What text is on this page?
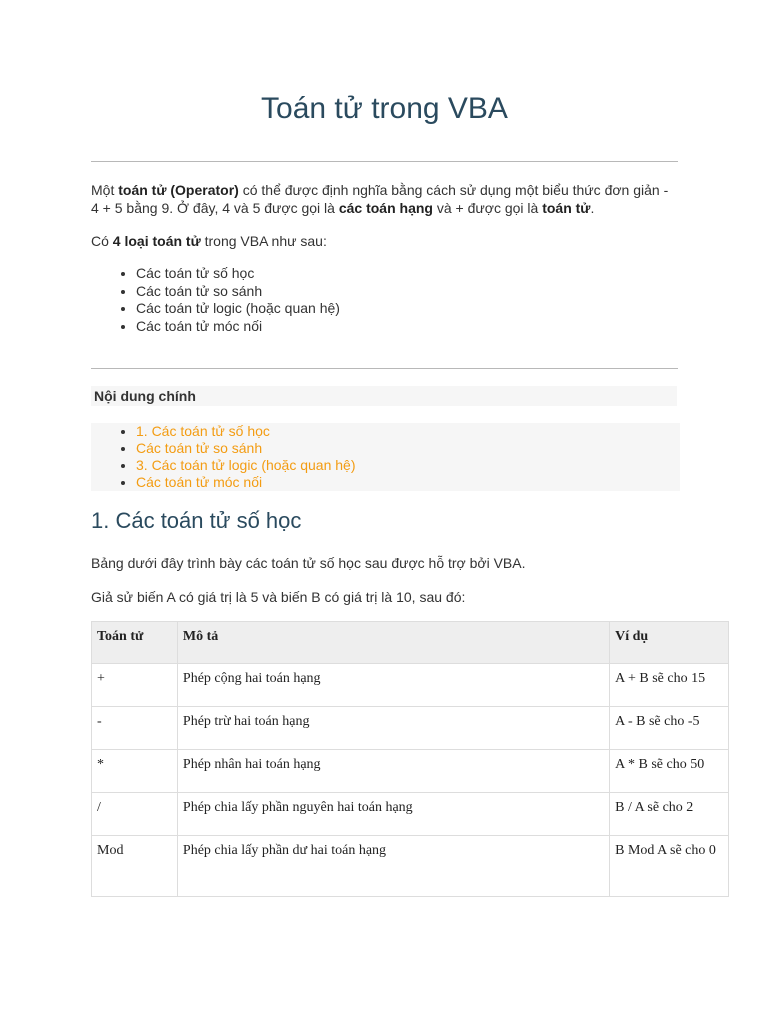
Toán tử trong VBA

Một toán tử (Operator) có thể được định nghĩa bằng cách sử dụng một biểu thức đơn giản - 4 + 5 bằng 9. Ở đây, 4 và 5 được gọi là các toán hạng và + được gọi là toán tử.

Có 4 loại toán tử trong VBA như sau:

• Các toán tử số học
• Các toán tử so sánh
• Các toán tử logic (hoặc quan hệ)
• Các toán tử móc nối
Nội dung chính
• 1. Các toán tử số học
• Các toán tử so sánh
• 3. Các toán tử logic (hoặc quan hệ)
• Các toán tử móc nối
1. Các toán tử số học

Bảng dưới đây trình bày các toán tử số học sau được hỗ trợ bởi VBA.

Giả sử biến A có giá trị là 5 và biến B có giá trị là 10, sau đó:

Toán tử	Mô tả	Ví dụ
+	Phép cộng hai toán hạng	A + B sẽ cho 15
-	Phép trừ hai toán hạng	A - B sẽ cho -5
*	Phép nhân hai toán hạng	A * B sẽ cho 50
/	Phép chia lấy phần nguyên hai toán hạng	B / A sẽ cho 2
Mod	Phép chia lấy phần dư hai toán hạng	B Mod A sẽ cho 0
